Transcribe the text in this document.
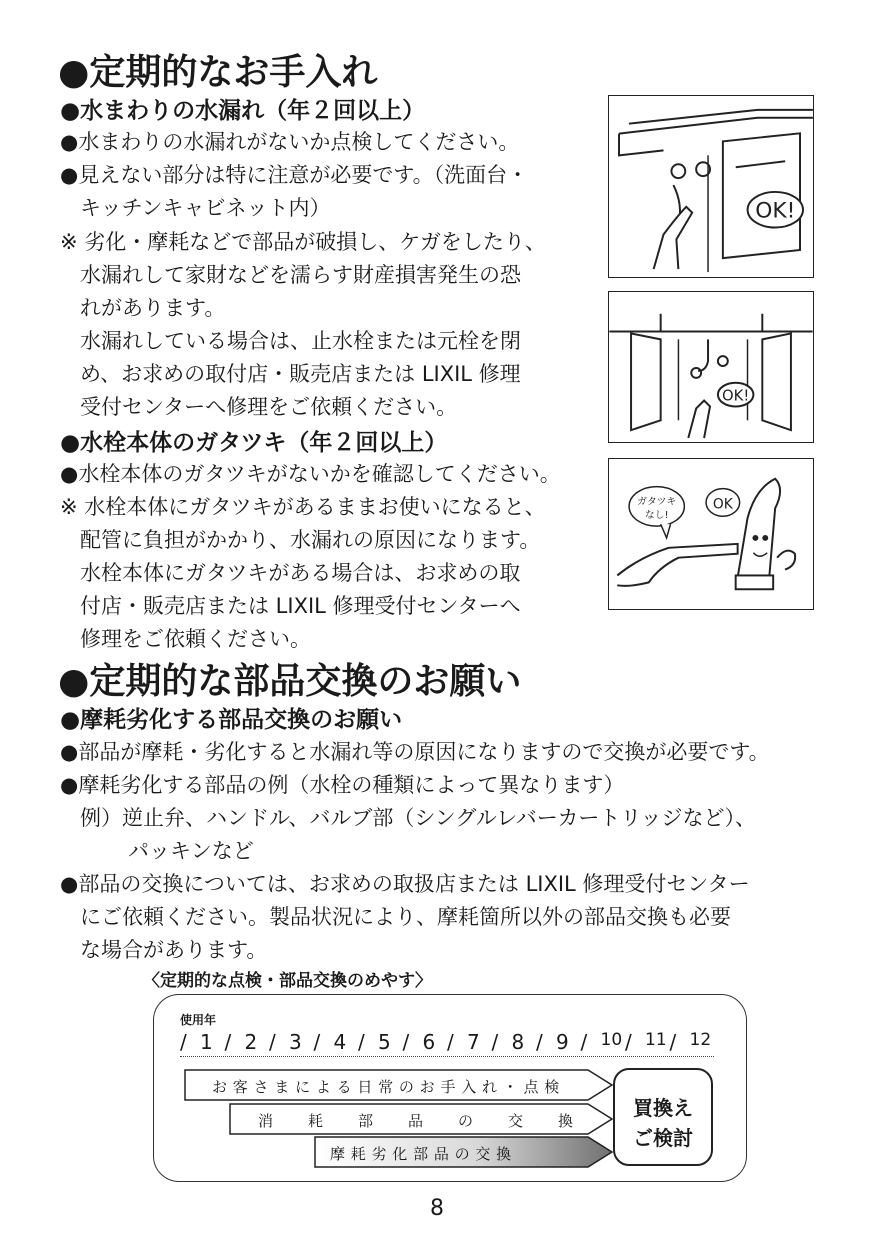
●定期的なお手入れ
●水まわりの水漏れ（年２回以上）
●水まわりの水漏れがないか点検してください。
●見えない部分は特に注意が必要です。（洗面台・
キッチンキャビネット内）
※ 劣化・摩耗などで部品が破損し、ケガをしたり、
水漏れして家財などを濡らす財産損害発生の恐
れがあります。
水漏れしている場合は、止水栓または元栓を閉
め、お求めの取付店・販売店または LIXIL 修理
受付センターへ修理をご依頼ください。
●水栓本体のガタツキ（年２回以上）
●水栓本体のガタツキがないかを確認してください。
※ 水栓本体にガタツキがあるままお使いになると、
配管に負担がかかり、水漏れの原因になります。
水栓本体にガタツキがある場合は、お求めの取
付店・販売店または LIXIL 修理受付センターへ
修理をご依頼ください。
OK!
OK!
ガタツキ
なし!
OK
●定期的な部品交換のお願い
●摩耗劣化する部品交換のお願い
●部品が摩耗・劣化すると水漏れ等の原因になりますので交換が必要です。
●摩耗劣化する部品の例（水栓の種類によって異なります）
例）逆止弁、ハンドル、バルブ部（シングルレバーカートリッジなど）、
パッキンなど
●部品の交換については、お求めの取扱店または LIXIL 修理受付センター
にご依頼ください。製品状況により、摩耗箇所以外の部品交換も必要
な場合があります。
〈定期的な点検・部品交換のめやす〉
使用年
/ 1 / 2 / 3 / 4 / 5 / 6 / 7 / 8 / 9 / 10 / 11 / 12
お 客 さ ま に よ る 日 常 の お 手 入 れ ・ 点 検
消 耗 部 品 の 交 換
摩 耗 劣 化 部 品 の 交 換
買換え
ご検討
8
